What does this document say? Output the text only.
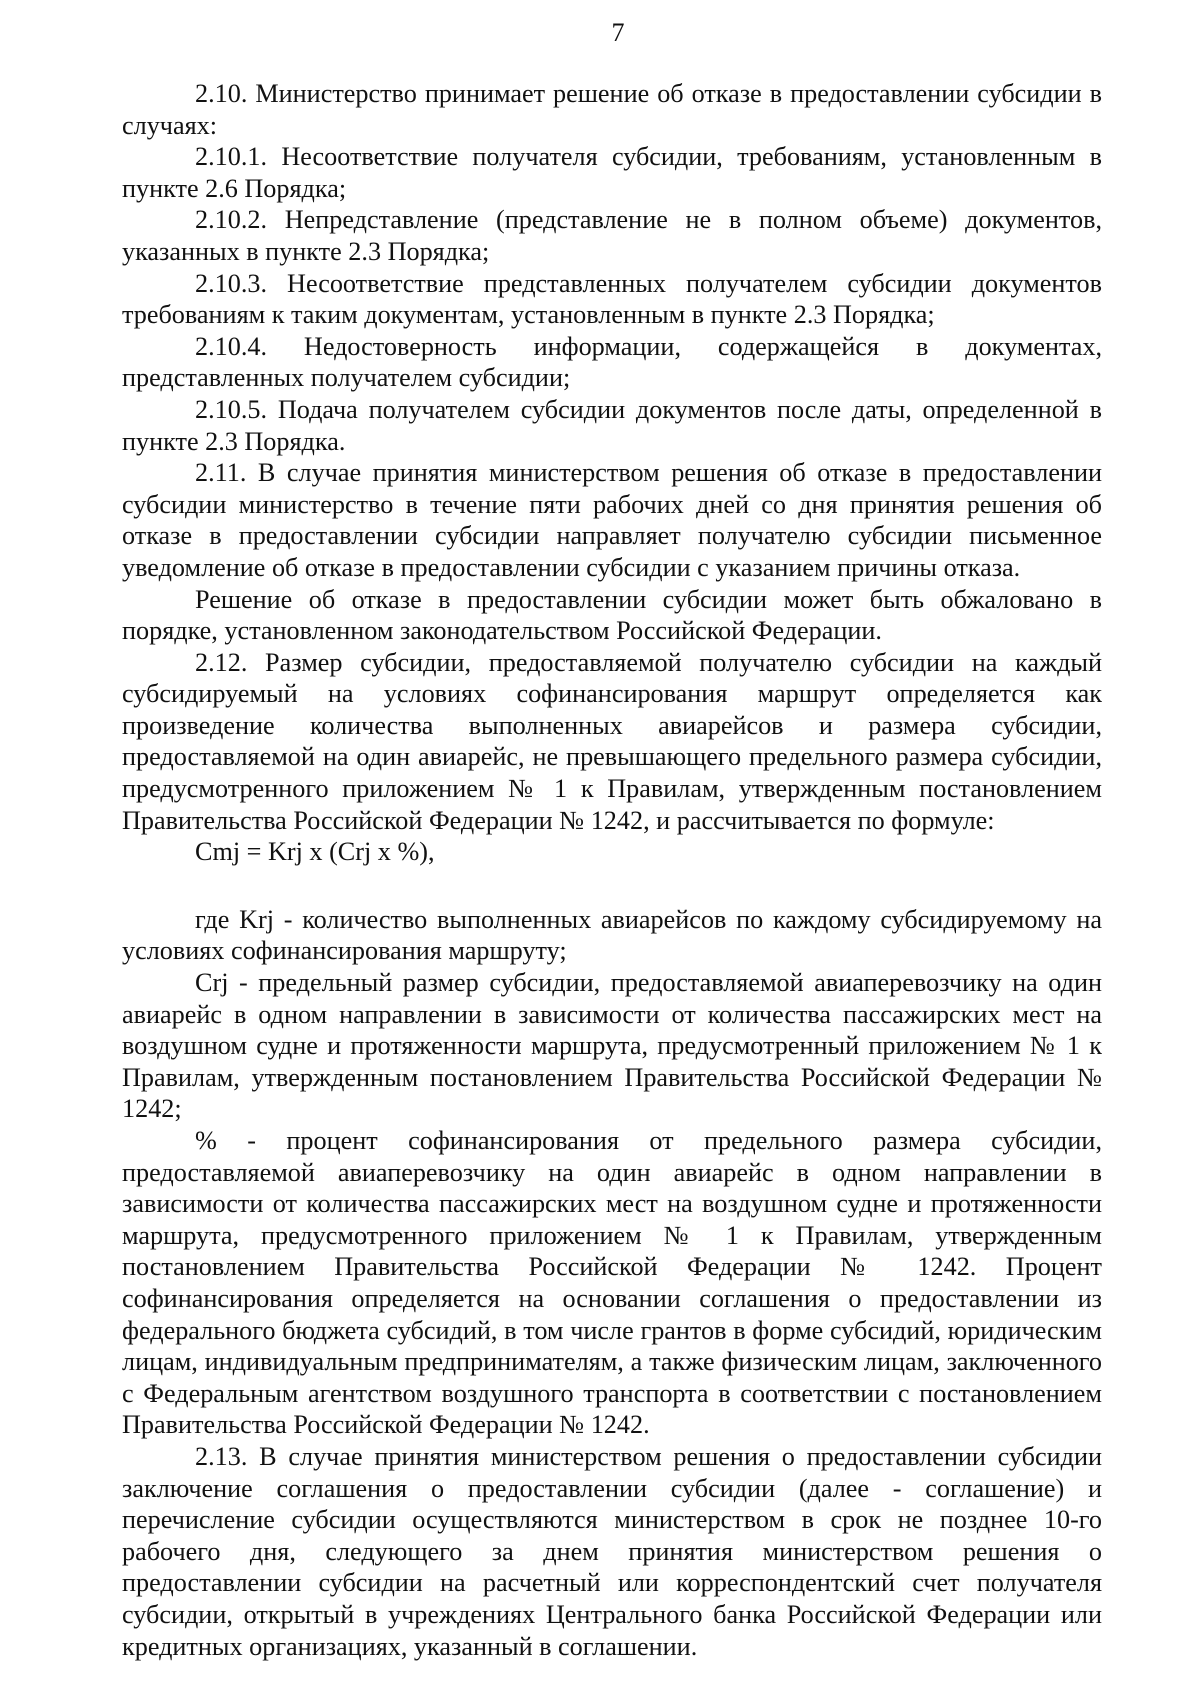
7

2.10. Министерство принимает решение об отказе в предоставлении субсидии в случаях:

2.10.1. Несоответствие получателя субсидии, требованиям, установленным в пункте 2.6 Порядка;

2.10.2. Непредставление (представление не в полном объеме) документов, указанных в пункте 2.3 Порядка;

2.10.3. Несоответствие представленных получателем субсидии документов требованиям к таким документам, установленным в пункте 2.3 Порядка;

2.10.4. Недостоверность информации, содержащейся в документах, представленных получателем субсидии;

2.10.5. Подача получателем субсидии документов после даты, определенной в пункте 2.3 Порядка.

2.11. В случае принятия министерством решения об отказе в предоставлении субсидии министерство в течение пяти рабочих дней со дня принятия решения об отказе в предоставлении субсидии направляет получателю субсидии письменное уведомление об отказе в предоставлении субсидии с указанием причины отказа.

Решение об отказе в предоставлении субсидии может быть обжаловано в порядке, установленном законодательством Российской Федерации.

2.12. Размер субсидии, предоставляемой получателю субсидии на каждый субсидируемый на условиях софинансирования маршрут определяется как произведение количества выполненных авиарейсов и размера субсидии, предоставляемой на один авиарейс, не превышающего предельного размера субсидии, предусмотренного приложением № 1 к Правилам, утвержденным постановлением Правительства Российской Федерации № 1242, и рассчитывается по формуле:

Cmj = Krj x (Crj x %),

где Krj - количество выполненных авиарейсов по каждому субсидируемому на условиях софинансирования маршруту;

Crj - предельный размер субсидии, предоставляемой авиаперевозчику на один авиарейс в одном направлении в зависимости от количества пассажирских мест на воздушном судне и протяженности маршрута, предусмотренный приложением № 1 к Правилам, утвержденным постановлением Правительства Российской Федерации № 1242;

% - процент софинансирования от предельного размера субсидии, предоставляемой авиаперевозчику на один авиарейс в одном направлении в зависимости от количества пассажирских мест на воздушном судне и протяженности маршрута, предусмотренного приложением № 1 к Правилам, утвержденным постановлением Правительства Российской Федерации № 1242. Процент софинансирования определяется на основании соглашения о предоставлении из федерального бюджета субсидий, в том числе грантов в форме субсидий, юридическим лицам, индивидуальным предпринимателям, а также физическим лицам, заключенного с Федеральным агентством воздушного транспорта в соответствии с постановлением Правительства Российской Федерации № 1242.

2.13. В случае принятия министерством решения о предоставлении субсидии заключение соглашения о предоставлении субсидии (далее - соглашение) и перечисление субсидии осуществляются министерством в срок не позднее 10-го рабочего дня, следующего за днем принятия министерством решения о предоставлении субсидии на расчетный или корреспондентский счет получателя субсидии, открытый в учреждениях Центрального банка Российской Федерации или кредитных организациях, указанный в соглашении.
